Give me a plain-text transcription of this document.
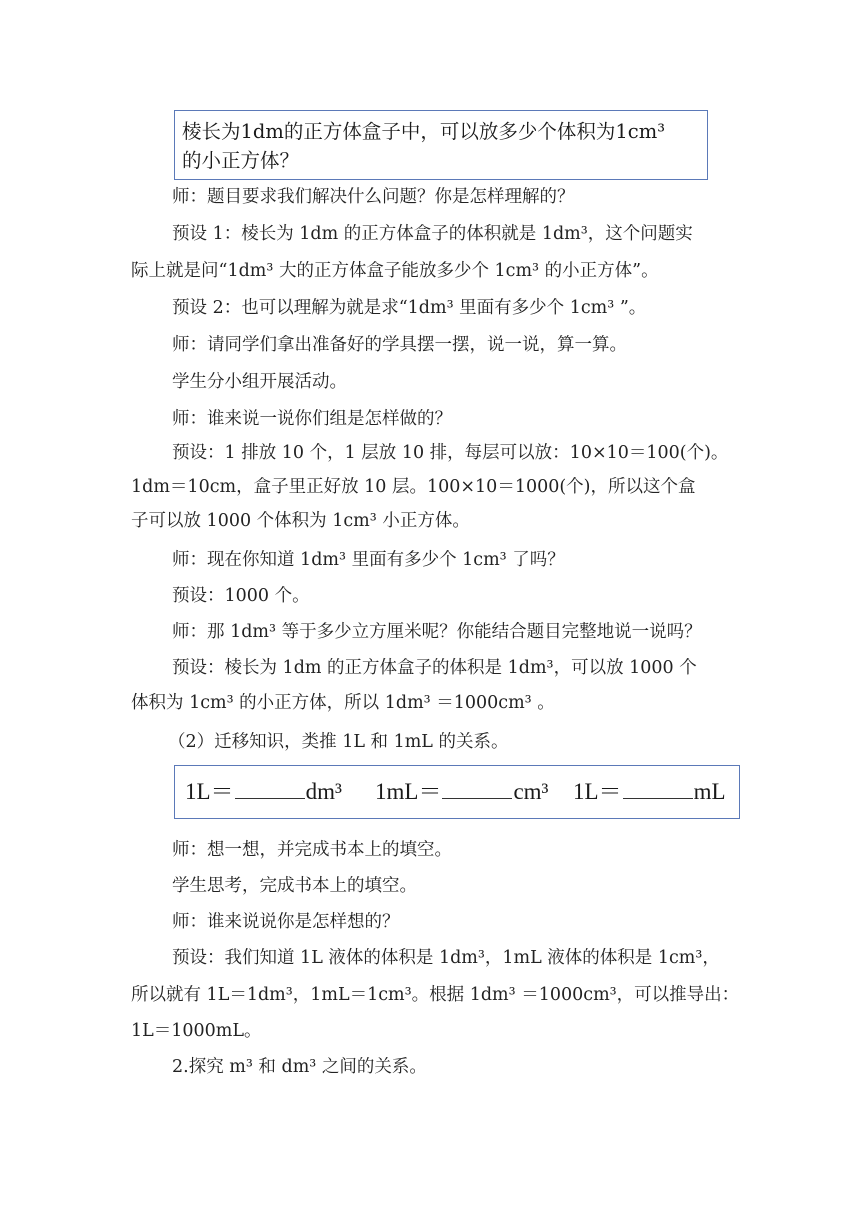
棱长为1dm的正方体盒子中，可以放多少个体积为1cm³
的小正方体？
师：题目要求我们解决什么问题？你是怎样理解的？
预设 1：棱长为 1dm 的正方体盒子的体积就是 1dm³，这个问题实
际上就是问“1dm³ 大的正方体盒子能放多少个 1cm³ 的小正方体”。
预设 2：也可以理解为就是求“1dm³ 里面有多少个 1cm³ ”。
师：请同学们拿出准备好的学具摆一摆，说一说，算一算。
学生分小组开展活动。
师：谁来说一说你们组是怎样做的？
预设：1 排放 10 个，1 层放 10 排，每层可以放：10×10＝100(个)。
1dm＝10cm，盒子里正好放 10 层。100×10＝1000(个)，所以这个盒
子可以放 1000 个体积为 1cm³ 小正方体。
师：现在你知道 1dm³ 里面有多少个 1cm³ 了吗？
预设：1000 个。
师：那 1dm³ 等于多少立方厘米呢？你能结合题目完整地说一说吗？
预设：棱长为 1dm 的正方体盒子的体积是 1dm³，可以放 1000 个
体积为 1cm³ 的小正方体，所以 1dm³ ＝1000cm³ 。
（2）迁移知识，类推 1L 和 1mL 的关系。
1L＝	dm³ 1mL＝	cm³ 1L＝	mL
师：想一想，并完成书本上的填空。
学生思考，完成书本上的填空。
师：谁来说说你是怎样想的？
预设：我们知道 1L 液体的体积是 1dm³，1mL 液体的体积是 1cm³，
所以就有 1L＝1dm³，1mL＝1cm³。根据 1dm³ ＝1000cm³，可以推导出：
1L＝1000mL。
2.探究 m³ 和 dm³ 之间的关系。
